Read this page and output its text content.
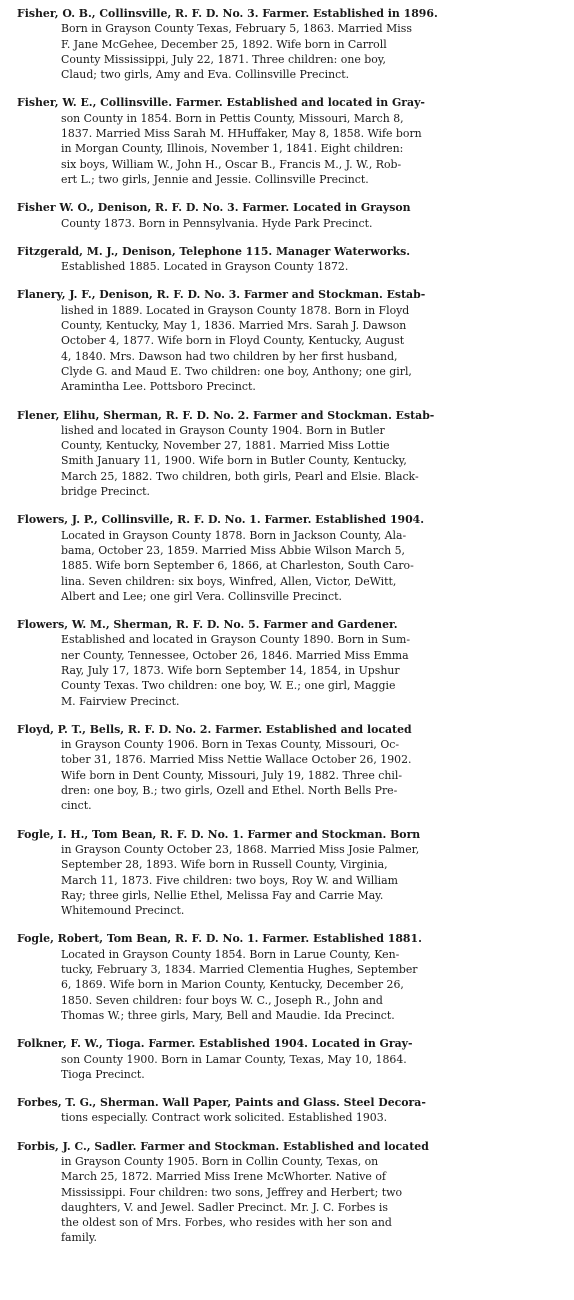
Fisher, O. B., Collinsville, R. F. D. No. 3. Farmer. Established in 1896.
Born in Grayson County Texas, February 5, 1863. Married Miss
F. Jane McGehee, December 25, 1892. Wife born in Carroll
County Mississippi, July 22, 1871. Three children: one boy,
Claud; two girls, Amy and Eva. Collinsville Precinct.
Fisher, W. E., Collinsville. Farmer. Established and located in Gray-
son County in 1854. Born in Pettis County, Missouri, March 8,
1837. Married Miss Sarah M. HHuffaker, May 8, 1858. Wife born
in Morgan County, Illinois, November 1, 1841. Eight children:
six boys, William W., John H., Oscar B., Francis M., J. W., Rob-
ert L.; two girls, Jennie and Jessie. Collinsville Precinct.
Fisher W. O., Denison, R. F. D. No. 3. Farmer. Located in Grayson
County 1873. Born in Pennsylvania. Hyde Park Precinct.
Fitzgerald, M. J., Denison, Telephone 115. Manager Waterworks.
Established 1885. Located in Grayson County 1872.
Flanery, J. F., Denison, R. F. D. No. 3. Farmer and Stockman. Estab-
lished in 1889. Located in Grayson County 1878. Born in Floyd
County, Kentucky, May 1, 1836. Married Mrs. Sarah J. Dawson
October 4, 1877. Wife born in Floyd County, Kentucky, August
4, 1840. Mrs. Dawson had two children by her first husband,
Clyde G. and Maud E. Two children: one boy, Anthony; one girl,
Aramintha Lee. Pottsboro Precinct.
Flener, Elihu, Sherman, R. F. D. No. 2. Farmer and Stockman. Estab-
lished and located in Grayson County 1904. Born in Butler
County, Kentucky, November 27, 1881. Married Miss Lottie
Smith January 11, 1900. Wife born in Butler County, Kentucky,
March 25, 1882. Two children, both girls, Pearl and Elsie. Black-
bridge Precinct.
Flowers, J. P., Collinsville, R. F. D. No. 1. Farmer. Established 1904.
Located in Grayson County 1878. Born in Jackson County, Ala-
bama, October 23, 1859. Married Miss Abbie Wilson March 5,
1885. Wife born September 6, 1866, at Charleston, South Caro-
lina. Seven children: six boys, Winfred, Allen, Victor, DeWitt,
Albert and Lee; one girl Vera. Collinsville Precinct.
Flowers, W. M., Sherman, R. F. D. No. 5. Farmer and Gardener.
Established and located in Grayson County 1890. Born in Sum-
ner County, Tennessee, October 26, 1846. Married Miss Emma
Ray, July 17, 1873. Wife born September 14, 1854, in Upshur
County Texas. Two children: one boy, W. E.; one girl, Maggie
M. Fairview Precinct.
Floyd, P. T., Bells, R. F. D. No. 2. Farmer. Established and located
in Grayson County 1906. Born in Texas County, Missouri, Oc-
tober 31, 1876. Married Miss Nettie Wallace October 26, 1902.
Wife born in Dent County, Missouri, July 19, 1882. Three chil-
dren: one boy, B.; two girls, Ozell and Ethel. North Bells Pre-
cinct.
Fogle, I. H., Tom Bean, R. F. D. No. 1. Farmer and Stockman. Born
in Grayson County October 23, 1868. Married Miss Josie Palmer,
September 28, 1893. Wife born in Russell County, Virginia,
March 11, 1873. Five children: two boys, Roy W. and William
Ray; three girls, Nellie Ethel, Melissa Fay and Carrie May.
Whitemound Precinct.
Fogle, Robert, Tom Bean, R. F. D. No. 1. Farmer. Established 1881.
Located in Grayson County 1854. Born in Larue County, Ken-
tucky, February 3, 1834. Married Clementia Hughes, September
6, 1869. Wife born in Marion County, Kentucky, December 26,
1850. Seven children: four boys W. C., Joseph R., John and
Thomas W.; three girls, Mary, Bell and Maudie. Ida Precinct.
Folkner, F. W., Tioga. Farmer. Established 1904. Located in Gray-
son County 1900. Born in Lamar County, Texas, May 10, 1864.
Tioga Precinct.
Forbes, T. G., Sherman. Wall Paper, Paints and Glass. Steel Decora-
tions especially. Contract work solicited. Established 1903.
Forbis, J. C., Sadler. Farmer and Stockman. Established and located
in Grayson County 1905. Born in Collin County, Texas, on
March 25, 1872. Married Miss Irene McWhorter. Native of
Mississippi. Four children: two sons, Jeffrey and Herbert; two
daughters, V. and Jewel. Sadler Precinct. Mr. J. C. Forbes is
the oldest son of Mrs. Forbes, who resides with her son and
family.
